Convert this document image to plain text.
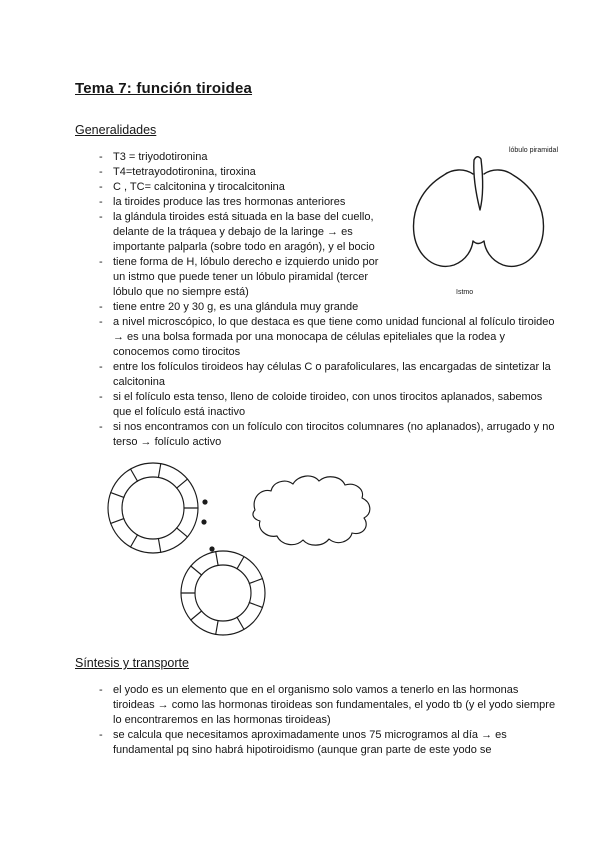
Tema 7: función tiroidea
Generalidades
lóbulo piramidal
Istmo
- T3 = triyodotironina
- T4=tetrayodotironina, tiroxina
- C , TC= calcitonina y tirocalcitonina
- la tiroides produce las tres hormonas anteriores
- la glándula tiroides está situada en la base del cuello, delante de la tráquea y debajo de la laringe → es importante palparla (sobre todo en aragón), y el bocio
- tiene forma de H, lóbulo derecho e izquierdo unido por un istmo que puede tener un lóbulo piramidal (tercer lóbulo que no siempre está)
- tiene entre 20 y 30 g, es una glándula muy grande
- a nivel microscópico, lo que destaca es que tiene como unidad funcional al folículo tiroideo → es una bolsa formada por una monocapa de células epiteliales que la rodea y conocemos como tirocitos
- entre los folículos tiroideos hay células C o parafoliculares, las encargadas de sintetizar la calcitonina
- si el folículo esta tenso, lleno de coloide tiroideo, con unos tirocitos aplanados, sabemos que el folículo está inactivo
- si nos encontramos con un folículo con tirocitos columnares (no aplanados), arrugado y no terso → folículo activo
Síntesis y transporte
- el yodo es un elemento que en el organismo solo vamos a tenerlo en las hormonas tiroideas → como las hormonas tiroideas son fundamentales, el yodo tb (y el yodo siempre lo encontraremos en las hormonas tiroideas)
- se calcula que necesitamos aproximadamente unos 75 microgramos al día → es fundamental pq sino habrá hipotiroidismo (aunque gran parte de este yodo se
